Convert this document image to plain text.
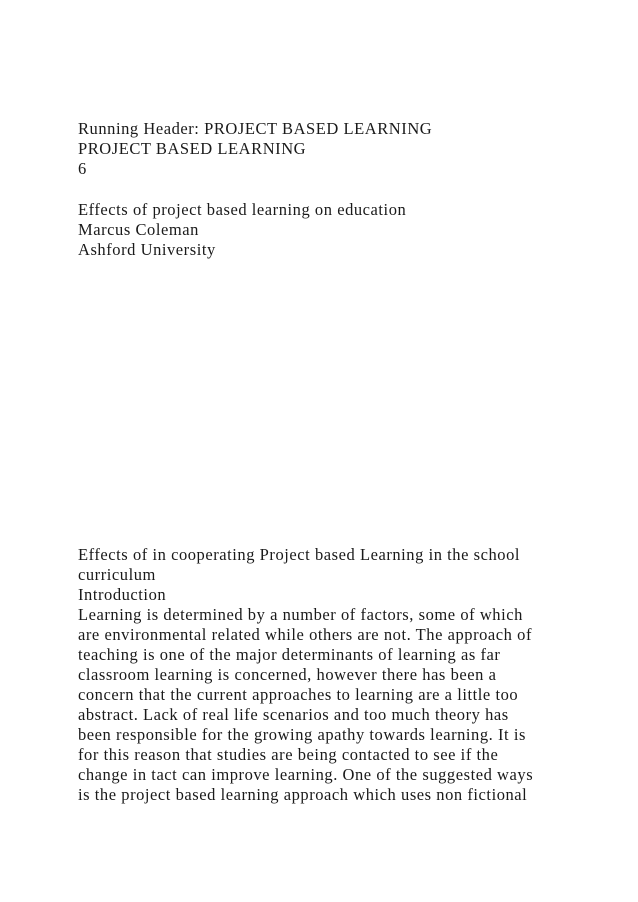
Running Header: PROJECT BASED LEARNING
PROJECT BASED LEARNING
6
Effects of project based learning on education
Marcus Coleman
Ashford University
Effects of in cooperating Project based Learning in the school
curriculum
Introduction
Learning is determined by a number of factors, some of which
are environmental related while others are not. The approach of
teaching is one of the major determinants of learning as far
classroom learning is concerned, however there has been a
concern that the current approaches to learning are a little too
abstract. Lack of real life scenarios and too much theory has
been responsible for the growing apathy towards learning. It is
for this reason that studies are being contacted to see if the
change in tact can improve learning. One of the suggested ways
is the project based learning approach which uses non fictional
